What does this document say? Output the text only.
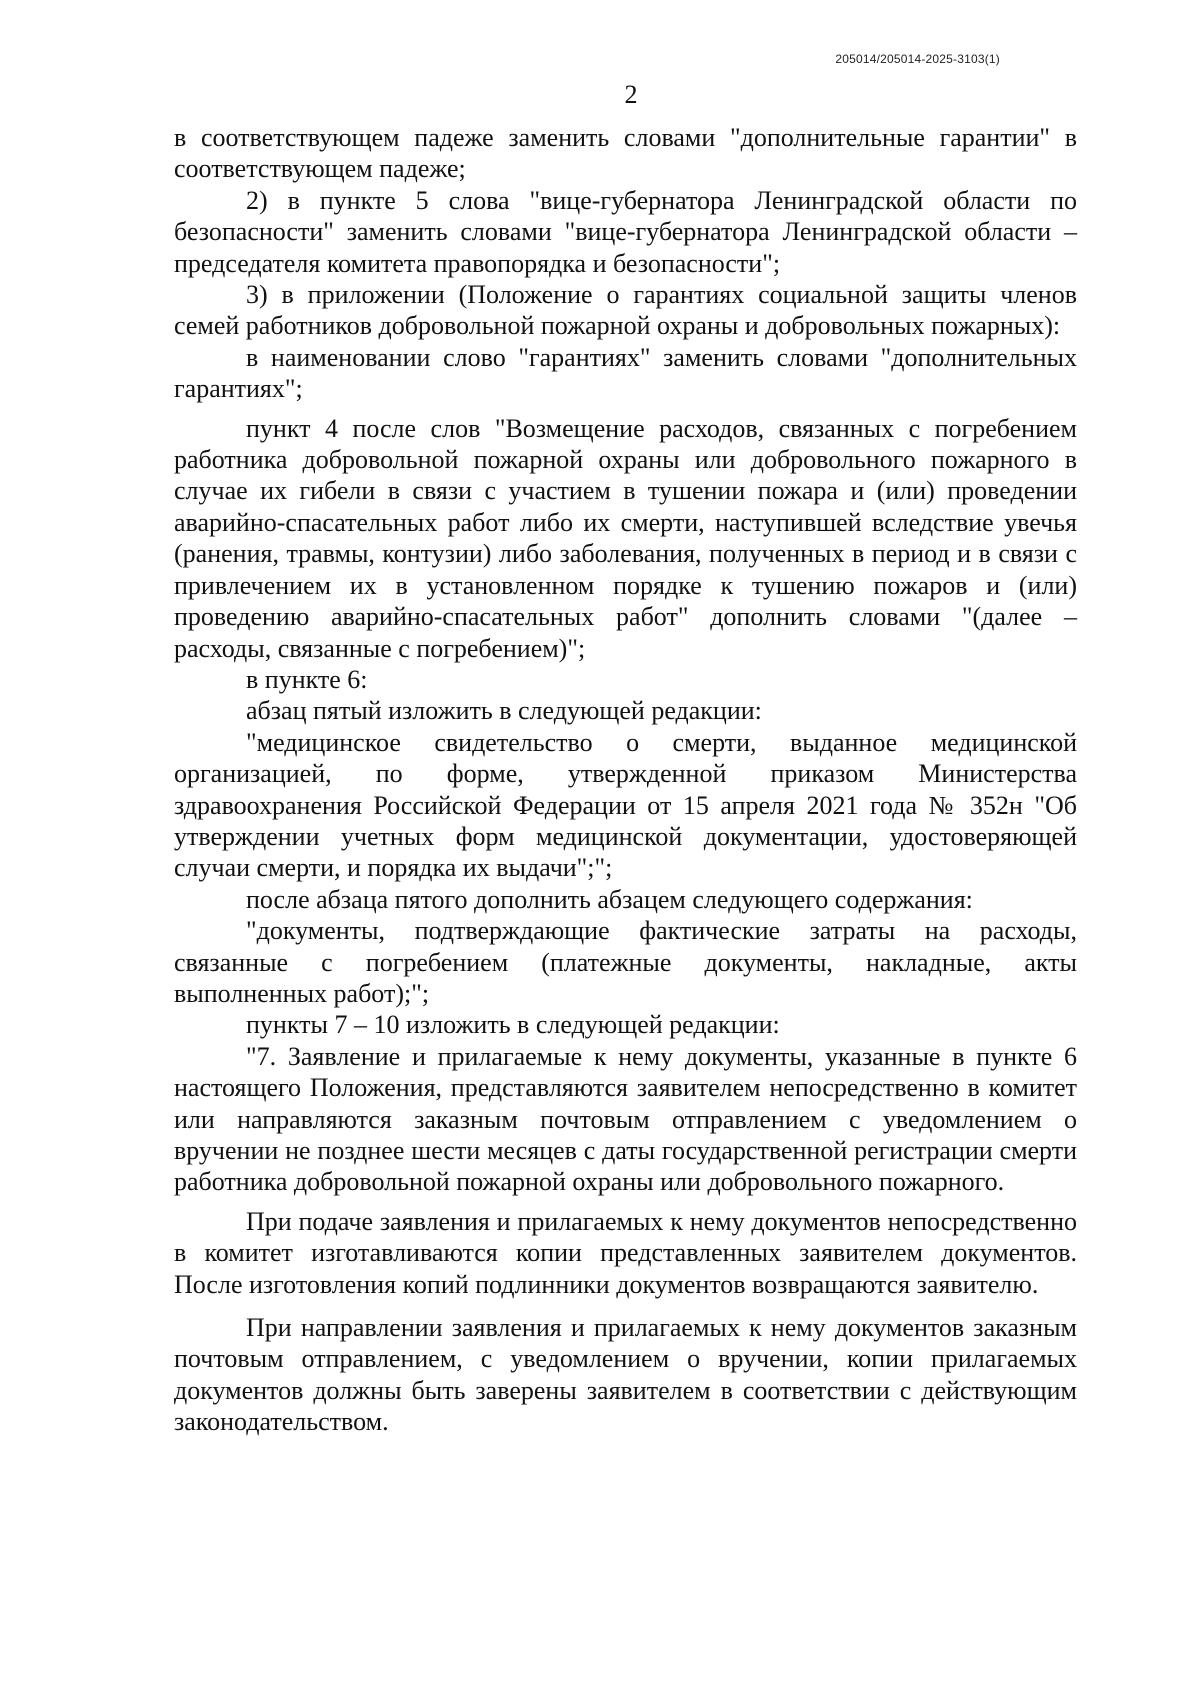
205014/205014-2025-3103(1)
2

в соответствующем падеже заменить словами "дополнительные гарантии" в соответствующем падеже;

2) в пункте 5 слова "вице-губернатора Ленинградской области по безопасности" заменить словами "вице-губернатора Ленинградской области – председателя комитета правопорядка и безопасности";

3) в приложении (Положение о гарантиях социальной защиты членов семей работников добровольной пожарной охраны и добровольных пожарных):

в наименовании слово "гарантиях" заменить словами "дополнительных гарантиях";

пункт 4 после слов "Возмещение расходов, связанных с погребением работника добровольной пожарной охраны или добровольного пожарного в случае их гибели в связи с участием в тушении пожара и (или) проведении аварийно-спасательных работ либо их смерти, наступившей вследствие увечья (ранения, травмы, контузии) либо заболевания, полученных в период и в связи с привлечением их в установленном порядке к тушению пожаров и (или) проведению аварийно-спасательных работ" дополнить словами "(далее – расходы, связанные с погребением)";

в пункте 6:

абзац пятый изложить в следующей редакции:

"медицинское свидетельство о смерти, выданное медицинской организацией, по форме, утвержденной приказом Министерства здравоохранения Российской Федерации от 15 апреля 2021 года № 352н "Об утверждении учетных форм медицинской документации, удостоверяющей случаи смерти, и порядка их выдачи";";

после абзаца пятого дополнить абзацем следующего содержания:

"документы, подтверждающие фактические затраты на расходы, связанные с погребением (платежные документы, накладные, акты выполненных работ);";

пункты 7 – 10 изложить в следующей редакции:

"7. Заявление и прилагаемые к нему документы, указанные в пункте 6 настоящего Положения, представляются заявителем непосредственно в комитет или направляются заказным почтовым отправлением с уведомлением о вручении не позднее шести месяцев с даты государственной регистрации смерти работника добровольной пожарной охраны или добровольного пожарного.

При подаче заявления и прилагаемых к нему документов непосредственно в комитет изготавливаются копии представленных заявителем документов. После изготовления копий подлинники документов возвращаются заявителю.

При направлении заявления и прилагаемых к нему документов заказным почтовым отправлением, с уведомлением о вручении, копии прилагаемых документов должны быть заверены заявителем в соответствии с действующим законодательством.
